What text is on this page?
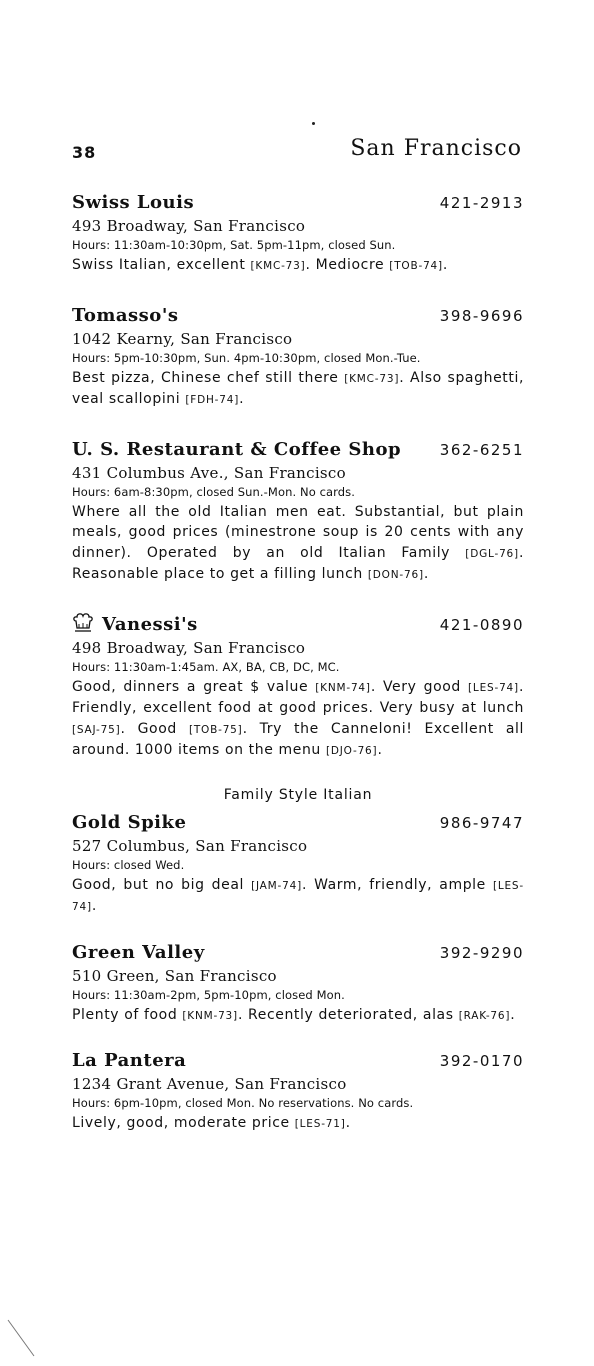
38	San Francisco
Swiss Louis	421-2913
493 Broadway, San Francisco
Hours: 11:30am-10:30pm, Sat. 5pm-11pm, closed Sun.
Swiss Italian, excellent [KMC-73]. Mediocre [TOB-74].
Tomasso's	398-9696
1042 Kearny, San Francisco
Hours: 5pm-10:30pm, Sun. 4pm-10:30pm, closed Mon.-Tue.
Best pizza, Chinese chef still there [KMC-73]. Also spaghetti, veal scallopini [FDH-74].
U. S. Restaurant & Coffee Shop	362-6251
431 Columbus Ave., San Francisco
Hours: 6am-8:30pm, closed Sun.-Mon. No cards.
Where all the old Italian men eat. Substantial, but plain meals, good prices (minestrone soup is 20 cents with any dinner). Operated by an old Italian Family [DGL-76]. Reasonable place to get a filling lunch [DON-76].
Vanessi's	421-0890
498 Broadway, San Francisco
Hours: 11:30am-1:45am. AX, BA, CB, DC, MC.
Good, dinners a great $ value [KNM-74]. Very good [LES-74]. Friendly, excellent food at good prices. Very busy at lunch [SAJ-75]. Good [TOB-75]. Try the Canneloni! Excellent all around. 1000 items on the menu [DJO-76].
Family Style Italian
Gold Spike	986-9747
527 Columbus, San Francisco
Hours: closed Wed.
Good, but no big deal [JAM-74]. Warm, friendly, ample [LES-74].
Green Valley	392-9290
510 Green, San Francisco
Hours: 11:30am-2pm, 5pm-10pm, closed Mon.
Plenty of food [KNM-73]. Recently deteriorated, alas [RAK-76].
La Pantera	392-0170
1234 Grant Avenue, San Francisco
Hours: 6pm-10pm, closed Mon. No reservations. No cards.
Lively, good, moderate price [LES-71].
